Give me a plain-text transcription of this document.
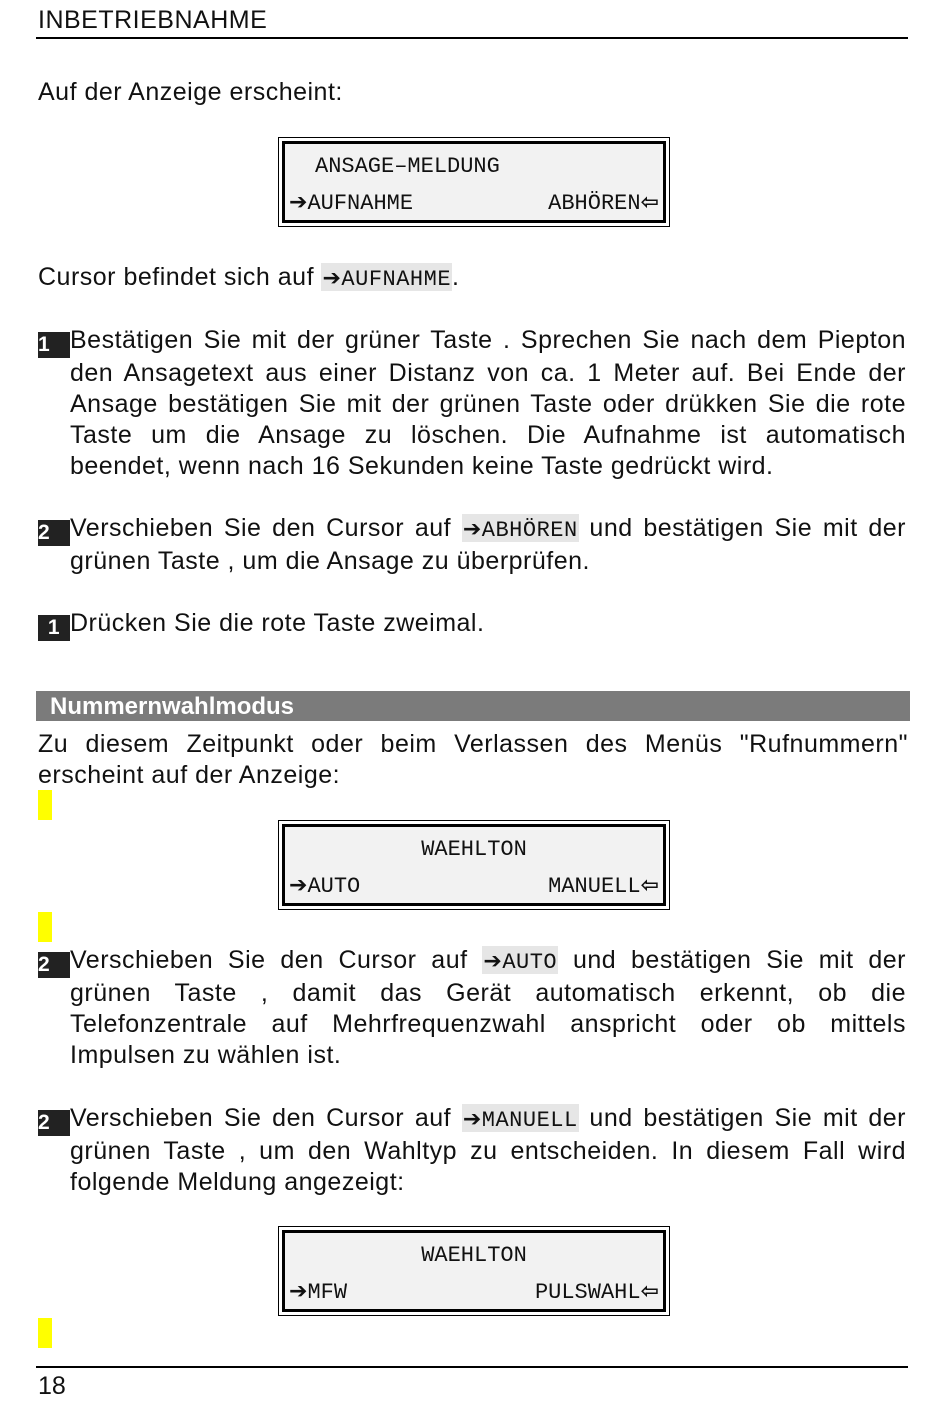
INBETRIEBNAHME
Auf der Anzeige erscheint:
ANSAGE–MELDUNG
➔AUFNAHME	ABHÖREN⇦
Cursor befindet sich auf ➔AUFNAHME.
1 Bestätigen Sie mit der grüner Taste . Sprechen Sie nach dem Piepton den Ansagetext aus einer Distanz von ca. 1 Meter auf. Bei Ende der Ansage bestätigen Sie mit der grünen Taste oder drükken Sie die rote Taste um die Ansage zu löschen. Die Aufnahme ist automatisch beendet, wenn nach 16 Sekunden keine Taste gedrückt wird.
2 Verschieben Sie den Cursor auf ➔ABHÖREN und bestätigen Sie mit der grünen Taste , um die Ansage zu überprüfen.
1 Drücken Sie die rote Taste zweimal.
Nummernwahlmodus
Zu diesem Zeitpunkt oder beim Verlassen des Menüs "Rufnummern" erscheint auf der Anzeige:
WAEHLTON
➔AUTO	MANUELL⇦
2 Verschieben Sie den Cursor auf ➔AUTO und bestätigen Sie mit der grünen Taste , damit das Gerät automatisch erkennt, ob die Telefonzentrale auf Mehrfrequenzwahl anspricht oder ob mittels Impulsen zu wählen ist.
2 Verschieben Sie den Cursor auf ➔MANUELL und bestätigen Sie mit der grünen Taste , um den Wahltyp zu entscheiden. In diesem Fall wird folgende Meldung angezeigt:
WAEHLTON
➔MFW	PULSWAHL⇦
18
